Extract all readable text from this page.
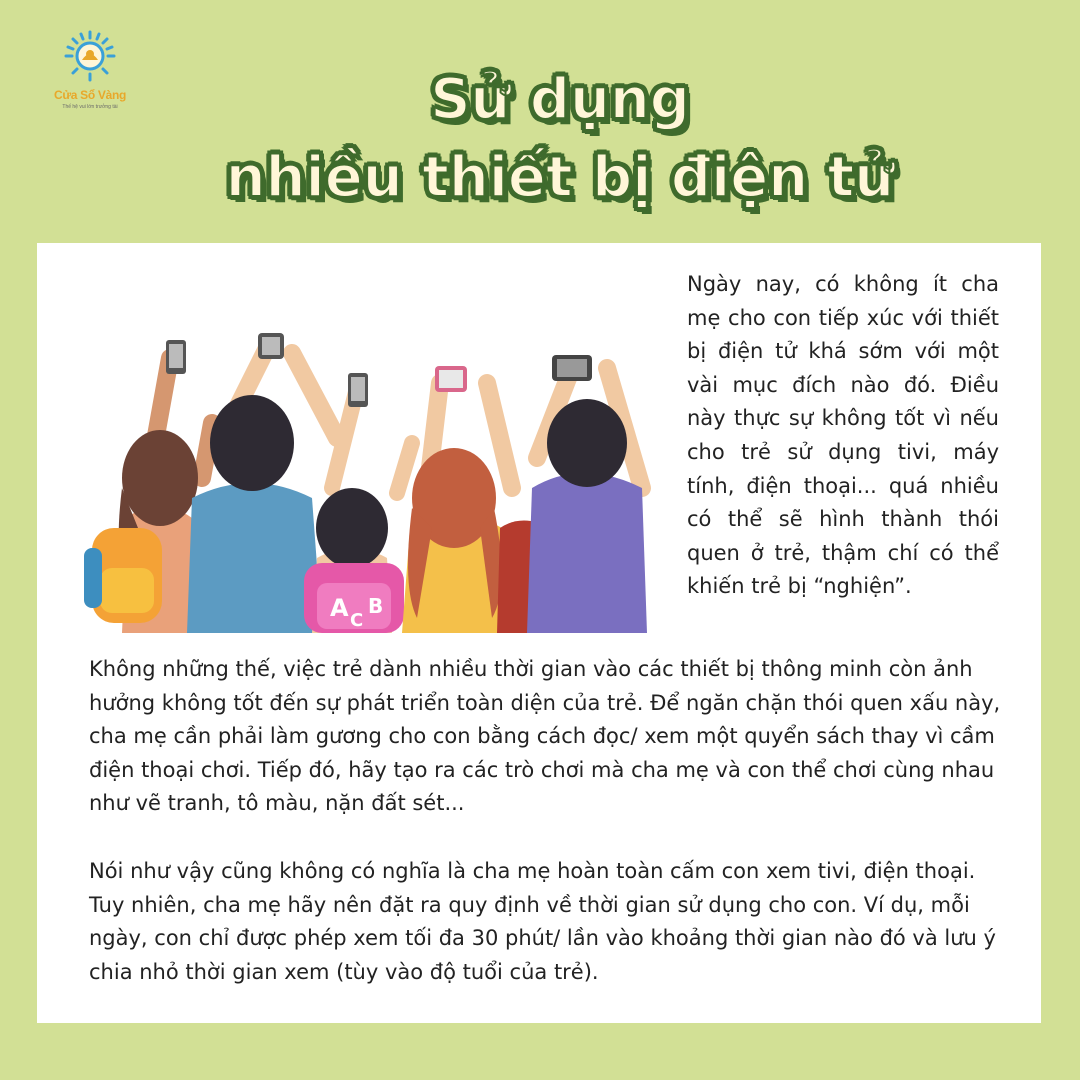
Cửa Sổ Vàng
Thế hệ vui lớn trưởng tài	Sử dụng
nhiều thiết bị điện tử
A C
B

Ngày nay, có không ít cha mẹ cho con tiếp xúc với thiết bị điện tử khá sớm với một vài mục đích nào đó. Điều này thực sự không tốt vì nếu cho trẻ sử dụng tivi, máy tính, điện thoại... quá nhiều có thể sẽ hình thành thói quen ở trẻ, thậm chí có thể khiến trẻ bị “nghiện”.

Không những thế, việc trẻ dành nhiều thời gian vào các thiết bị thông minh còn ảnh hưởng không tốt đến sự phát triển toàn diện của trẻ. Để ngăn chặn thói quen xấu này, cha mẹ cần phải làm gương cho con bằng cách đọc/ xem một quyển sách thay vì cầm điện thoại chơi. Tiếp đó, hãy tạo ra các trò chơi mà cha mẹ và con thể chơi cùng nhau như vẽ tranh, tô màu, nặn đất sét...

Nói như vậy cũng không có nghĩa là cha mẹ hoàn toàn cấm con xem tivi, điện thoại. Tuy nhiên, cha mẹ hãy nên đặt ra quy định về thời gian sử dụng cho con. Ví dụ, mỗi ngày, con chỉ được phép xem tối đa 30 phút/ lần vào khoảng thời gian nào đó và lưu ý chia nhỏ thời gian xem (tùy vào độ tuổi của trẻ).
